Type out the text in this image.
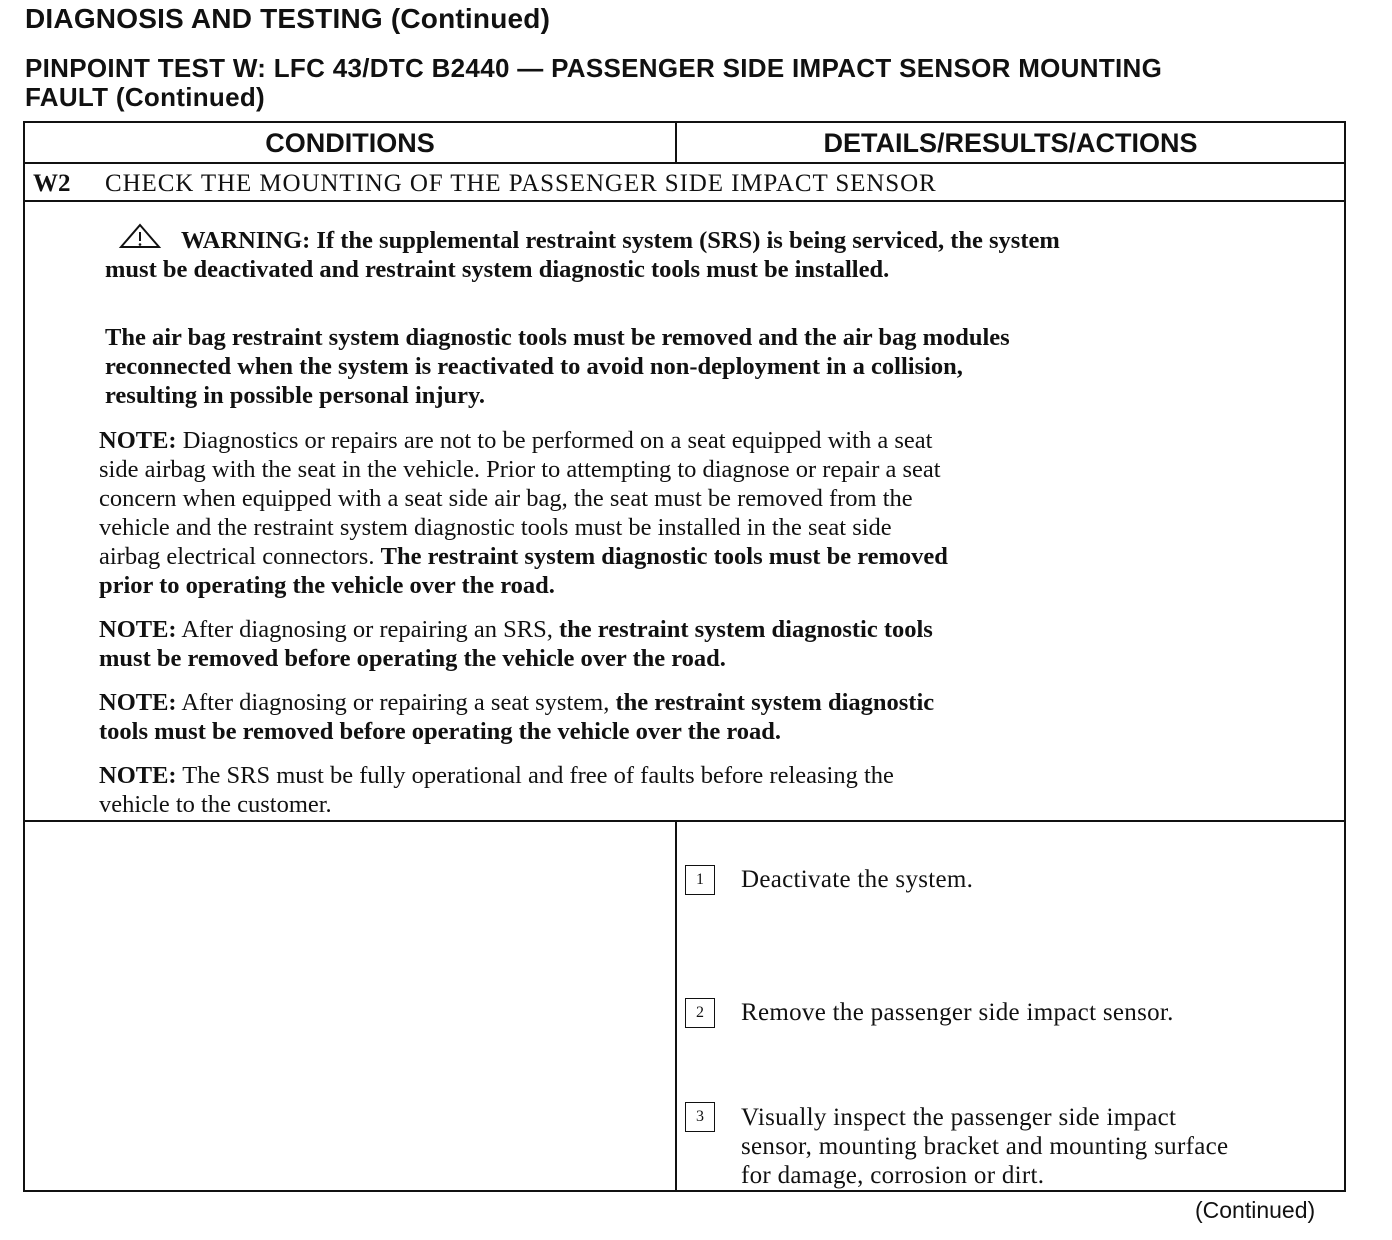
DIAGNOSIS AND TESTING (Continued)
PINPOINT TEST W: LFC 43/DTC B2440 — PASSENGER SIDE IMPACT SENSOR MOUNTING
FAULT (Continued)
CONDITIONS	DETAILS/RESULTS/ACTIONS
W2 CHECK THE MOUNTING OF THE PASSENGER SIDE IMPACT SENSOR
WARNING: If the supplemental restraint system (SRS) is being serviced, the system
must be deactivated and restraint system diagnostic tools must be installed.
The air bag restraint system diagnostic tools must be removed and the air bag modules
reconnected when the system is reactivated to avoid non-deployment in a collision,
resulting in possible personal injury.
NOTE: Diagnostics or repairs are not to be performed on a seat equipped with a seat
side airbag with the seat in the vehicle. Prior to attempting to diagnose or repair a seat
concern when equipped with a seat side air bag, the seat must be removed from the
vehicle and the restraint system diagnostic tools must be installed in the seat side
airbag electrical connectors. The restraint system diagnostic tools must be removed
prior to operating the vehicle over the road.
NOTE: After diagnosing or repairing an SRS, the restraint system diagnostic tools
must be removed before operating the vehicle over the road.
NOTE: After diagnosing or repairing a seat system, the restraint system diagnostic
tools must be removed before operating the vehicle over the road.
NOTE: The SRS must be fully operational and free of faults before releasing the
vehicle to the customer.
1	Deactivate the system.
2	Remove the passenger side impact sensor.
3	Visually inspect the passenger side impact
sensor, mounting bracket and mounting surface
for damage, corrosion or dirt.
(Continued)
